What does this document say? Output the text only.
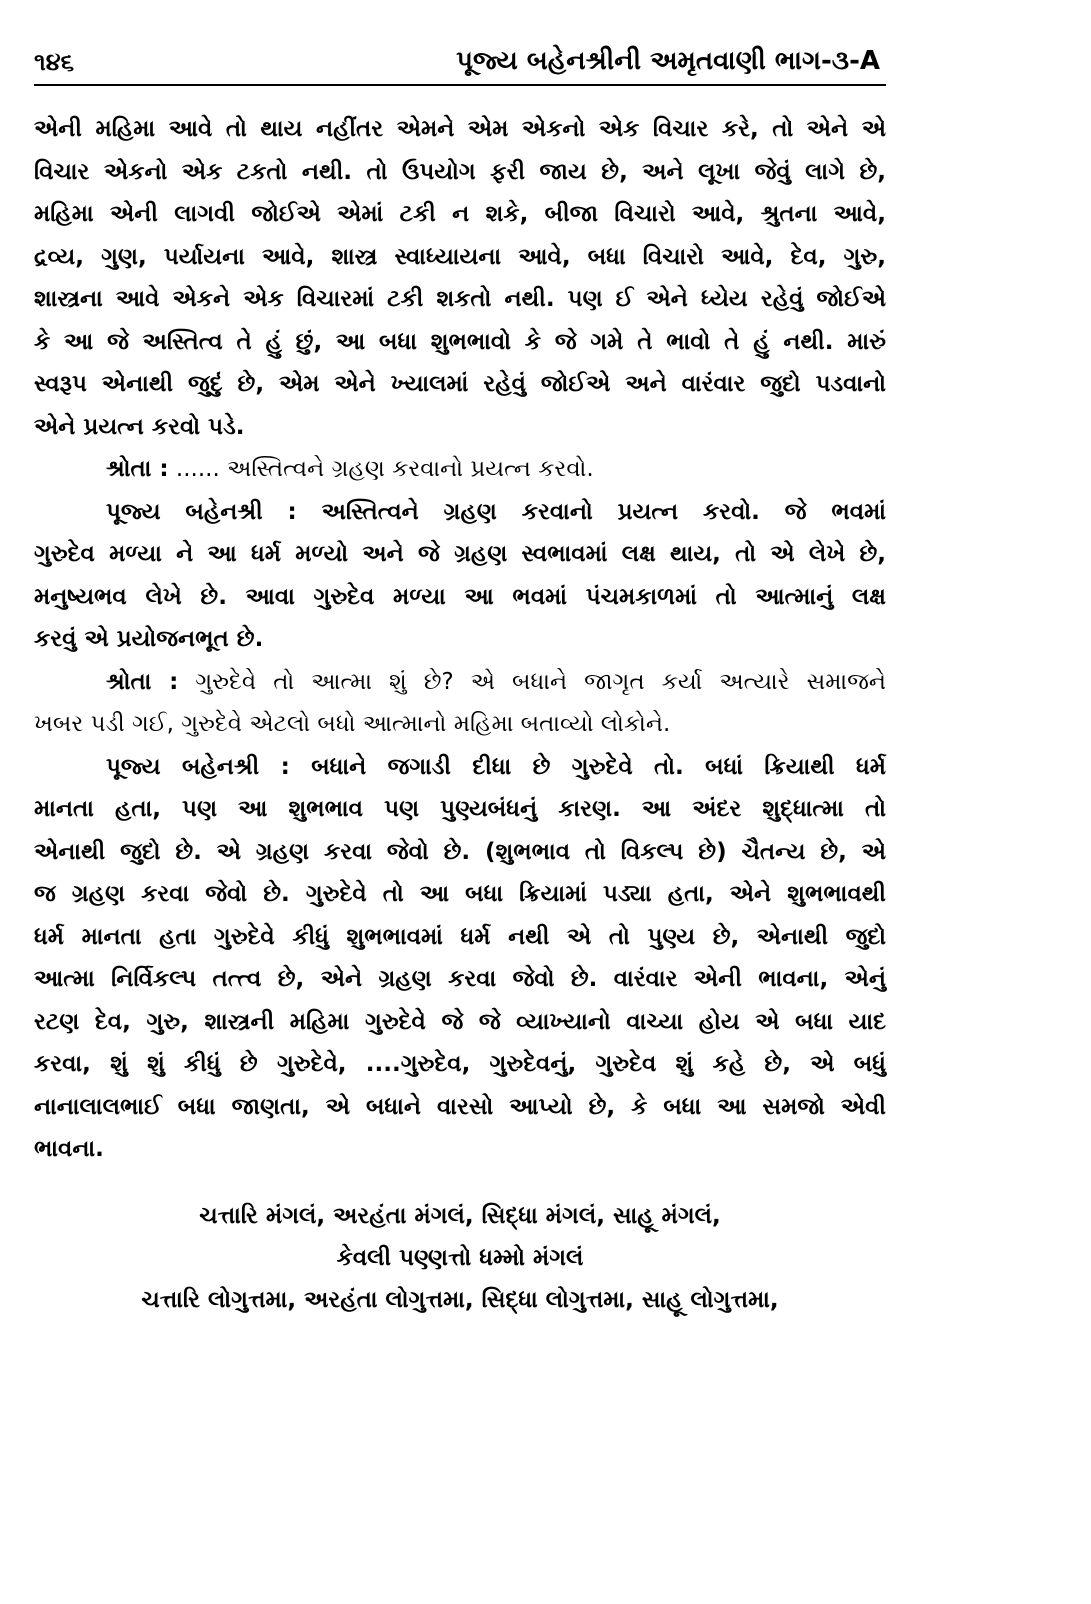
૧૪૬	પૂજ્ય બહેનશ્રીની અમૃતવાણી ભાગ-૩-A
એની મહિમા આવે તો થાય નહીંતર એમને એમ એકનો એક વિચાર કરે, તો એને એ
વિચાર એકનો એક ટકતો નથી. તો ઉપયોગ ફરી જાય છે, અને લૂખા જેવું લાગે છે,
મહિમા એની લાગવી જોઈએ એમાં ટકી ન શકે, બીજા વિચારો આવે, શ્રુતના આવે,
દ્રવ્ય, ગુણ, પર્યાયના આવે, શાસ્ત્ર સ્વાધ્યાયના આવે, બધા વિચારો આવે, દેવ, ગુરુ,
શાસ્ત્રના આવે એકને એક વિચારમાં ટકી શકતો નથી. પણ ઈ એને ધ્યેય રહેવું જોઈએ
કે આ જે અસ્તિત્વ તે હું છું, આ બધા શુભભાવો કે જે ગમે તે ભાવો તે હું નથી. મારું
સ્વરૂપ એનાથી જુદું છે, એમ એને ખ્યાલમાં રહેવું જોઈએ અને વારંવાર જુદો પડવાનો
એને પ્રયત્ન કરવો પડે.
શ્રોતા : ...... અસ્તિત્વને ગ્રહણ કરવાનો પ્રયત્ન કરવો.
પૂજ્ય બહેનશ્રી : અસ્તિત્વને ગ્રહણ કરવાનો પ્રયત્ન કરવો. જે ભવમાં
ગુરુદેવ મળ્યા ને આ ધર્મ મળ્યો અને જે ગ્રહણ સ્વભાવમાં લક્ષ થાય, તો એ લેખે છે,
મનુષ્યભવ લેખે છે. આવા ગુરુદેવ મળ્યા આ ભવમાં પંચમકાળમાં તો આત્માનું લક્ષ
કરવું એ પ્રયોજનભૂત છે.
શ્રોતા : ગુરુદેવે તો આત્મા શું છે? એ બધાને જાગૃત કર્યા અત્યારે સમાજને
ખબર પડી ગઈ, ગુરુદેવે એટલો બધો આત્માનો મહિમા બતાવ્યો લોકોને.
પૂજ્ય બહેનશ્રી : બધાને જગાડી દીધા છે ગુરુદેવે તો. બધાં ક્રિયાથી ધર્મ
માનતા હતા, પણ આ શુભભાવ પણ પુણ્યબંધનું કારણ. આ અંદર શુદ્ધાત્મા તો
એનાથી જુદો છે. એ ગ્રહણ કરવા જેવો છે. (શુભભાવ તો વિકલ્પ છે) ચૈતન્ય છે, એ
જ ગ્રહણ કરવા જેવો છે. ગુરુદેવે તો આ બધા ક્રિયામાં પડ્યા હતા, એને શુભભાવથી
ધર્મ માનતા હતા ગુરુદેવે કીધું શુભભાવમાં ધર્મ નથી એ તો પુણ્ય છે, એનાથી જુદો
આત્મા નિર્વિકલ્પ તત્ત્વ છે, એને ગ્રહણ કરવા જેવો છે. વારંવાર એની ભાવના, એનું
રટણ દેવ, ગુરુ, શાસ્ત્રની મહિમા ગુરુદેવે જે જે વ્યાખ્યાનો વાચ્યા હોય એ બધા યાદ
કરવા, શું શું કીધું છે ગુરુદેવે, ....ગુરુદેવ, ગુરુદેવનું, ગુરુદેવ શું કહે છે, એ બધું
નાનાલાલભાઈ બધા જાણતા, એ બધાને વારસો આપ્યો છે, કે બધા આ સમજો એવી
ભાવના.
ચત્તારિ મંગલં, અરહંતા મંગલં, સિદ્ધા મંગલં, સાહૂ મંગલં,
કેવલી પણ્ણત્તો ધમ્મો મંગલં
ચત્તારિ લોગુત્તમા, અરહંતા લોગુત્તમા, સિદ્ધા લોગુત્તમા, સાહૂ લોગુત્તમા,
